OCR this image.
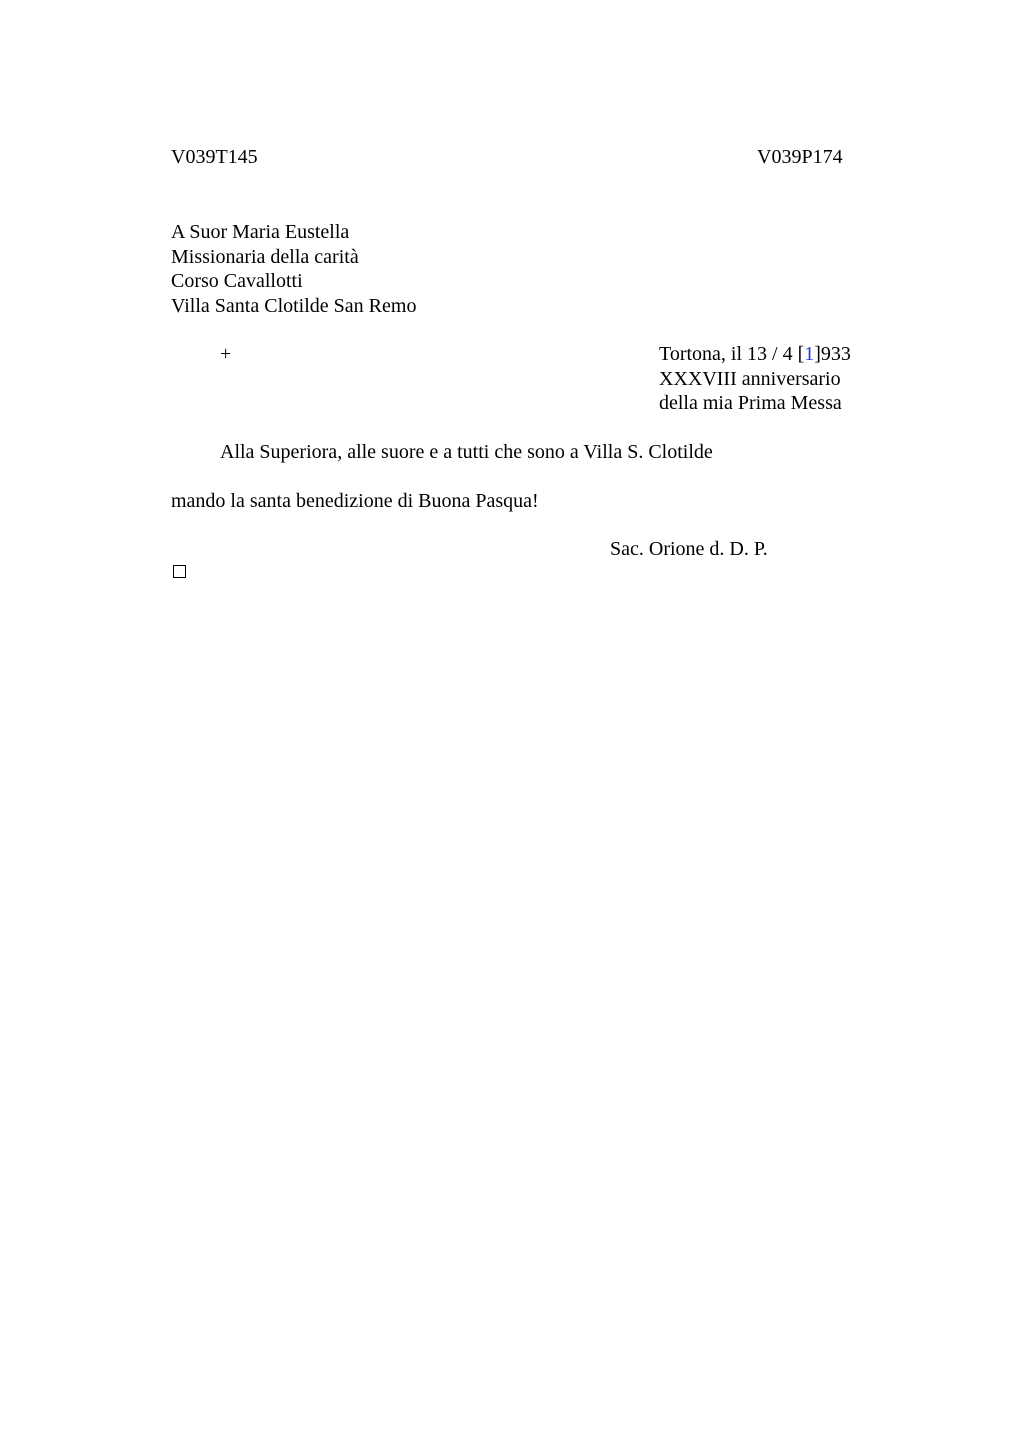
V039T145	V039P174
A Suor Maria Eustella
Missionaria della carità
Corso Cavallotti
Villa Santa Clotilde San Remo
+	Tortona, il 13 / 4 [1]933
XXXVIII anniversario
della mia Prima Messa
Alla Superiora, alle suore e a tutti che sono a Villa S. Clotilde
mando la santa benedizione di Buona Pasqua!
Sac. Orione d. D. P.
